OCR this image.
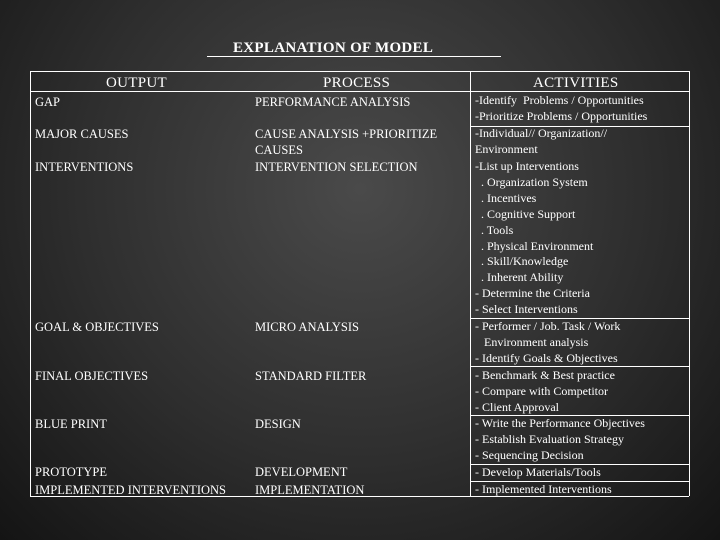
EXPLANATION OF MODEL
OUTPUT	PROCESS	ACTIVITIES
GAP
MAJOR CAUSES
INTERVENTIONS
GOAL & OBJECTIVES
FINAL OBJECTIVES
BLUE PRINT
PROTOTYPE
IMPLEMENTED INTERVENTIONS
PERFORMANCE ANALYSIS
CAUSE ANALYSIS +PRIORITIZE
CAUSES
INTERVENTION SELECTION
MICRO ANALYSIS
STANDARD FILTER
DESIGN
DEVELOPMENT
IMPLEMENTATION
-Identify  Problems / Opportunities
-Prioritize Problems / Opportunities
-Individual// Organization//
Environment
-List up Interventions
. Organization System
. Incentives
. Cognitive Support
. Tools
. Physical Environment
. Skill/Knowledge
. Inherent Ability
- Determine the Criteria
- Select Interventions
- Performer / Job. Task / Work
Environment analysis
- Identify Goals & Objectives
- Benchmark & Best practice
- Compare with Competitor
- Client Approval
- Write the Performance Objectives
- Establish Evaluation Strategy
- Sequencing Decision
- Develop Materials/Tools
- Implemented Interventions
